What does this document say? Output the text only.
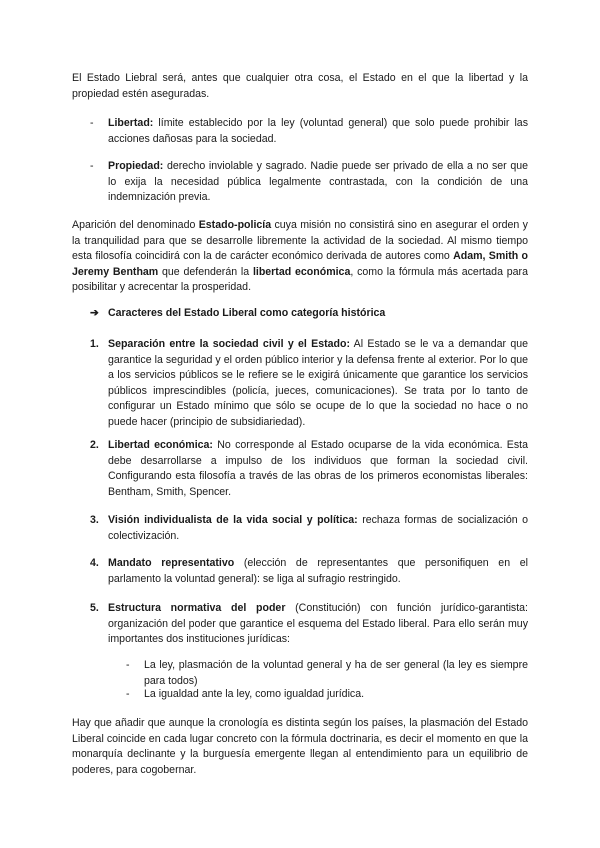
El Estado Liebral será, antes que cualquier otra cosa, el Estado en el que la libertad y la propiedad estén aseguradas.

-	Libertad: límite establecido por la ley (voluntad general) que solo puede prohibir las acciones dañosas para la sociedad.

-	Propiedad: derecho inviolable y sagrado. Nadie puede ser privado de ella a no ser que lo exija la necesidad pública legalmente contrastada, con la condición de una indemnización previa.

Aparición del denominado Estado-policía cuya misión no consistirá sino en asegurar el orden y la tranquilidad para que se desarrolle libremente la actividad de la sociedad. Al mismo tiempo esta filosofía coincidirá con la de carácter económico derivada de autores como Adam, Smith o Jeremy Bentham que defenderán la libertad económica, como la fórmula más acertada para posibilitar y acrecentar la prosperidad.

➔ Caracteres del Estado Liberal como categoría histórica
1. Separación entre la sociedad civil y el Estado: Al Estado se le va a demandar que garantice la seguridad y el orden público interior y la defensa frente al exterior. Por lo que a los servicios públicos se le refiere se le exigirá únicamente que garantice los servicios públicos imprescindibles (policía, jueces, comunicaciones). Se trata por lo tanto de configurar un Estado mínimo que sólo se ocupe de lo que la sociedad no hace o no puede hacer (principio de subsidiariedad).

2. Libertad económica: No corresponde al Estado ocuparse de la vida económica. Esta debe desarrollarse a impulso de los individuos que forman la sociedad civil. Configurando esta filosofía a través de las obras de los primeros economistas liberales: Bentham, Smith, Spencer.

3. Visión individualista de la vida social y política: rechaza formas de socialización o colectivización.

4. Mandato representativo (elección de representantes que personifiquen en el parlamento la voluntad general): se liga al sufragio restringido.

5. Estructura normativa del poder (Constitución) con función jurídico-garantista: organización del poder que garantice el esquema del Estado liberal. Para ello serán muy importantes dos instituciones jurídicas:

-	La ley, plasmación de la voluntad general y ha de ser general (la ley es siempre para todos)

-	La igualdad ante la ley, como igualdad jurídica.

Hay que añadir que aunque la cronología es distinta según los países, la plasmación del Estado Liberal coincide en cada lugar concreto con la fórmula doctrinaria, es decir el momento en que la monarquía declinante y la burguesía emergente llegan al entendimiento para un equilibrio de poderes, para cogobernar.
